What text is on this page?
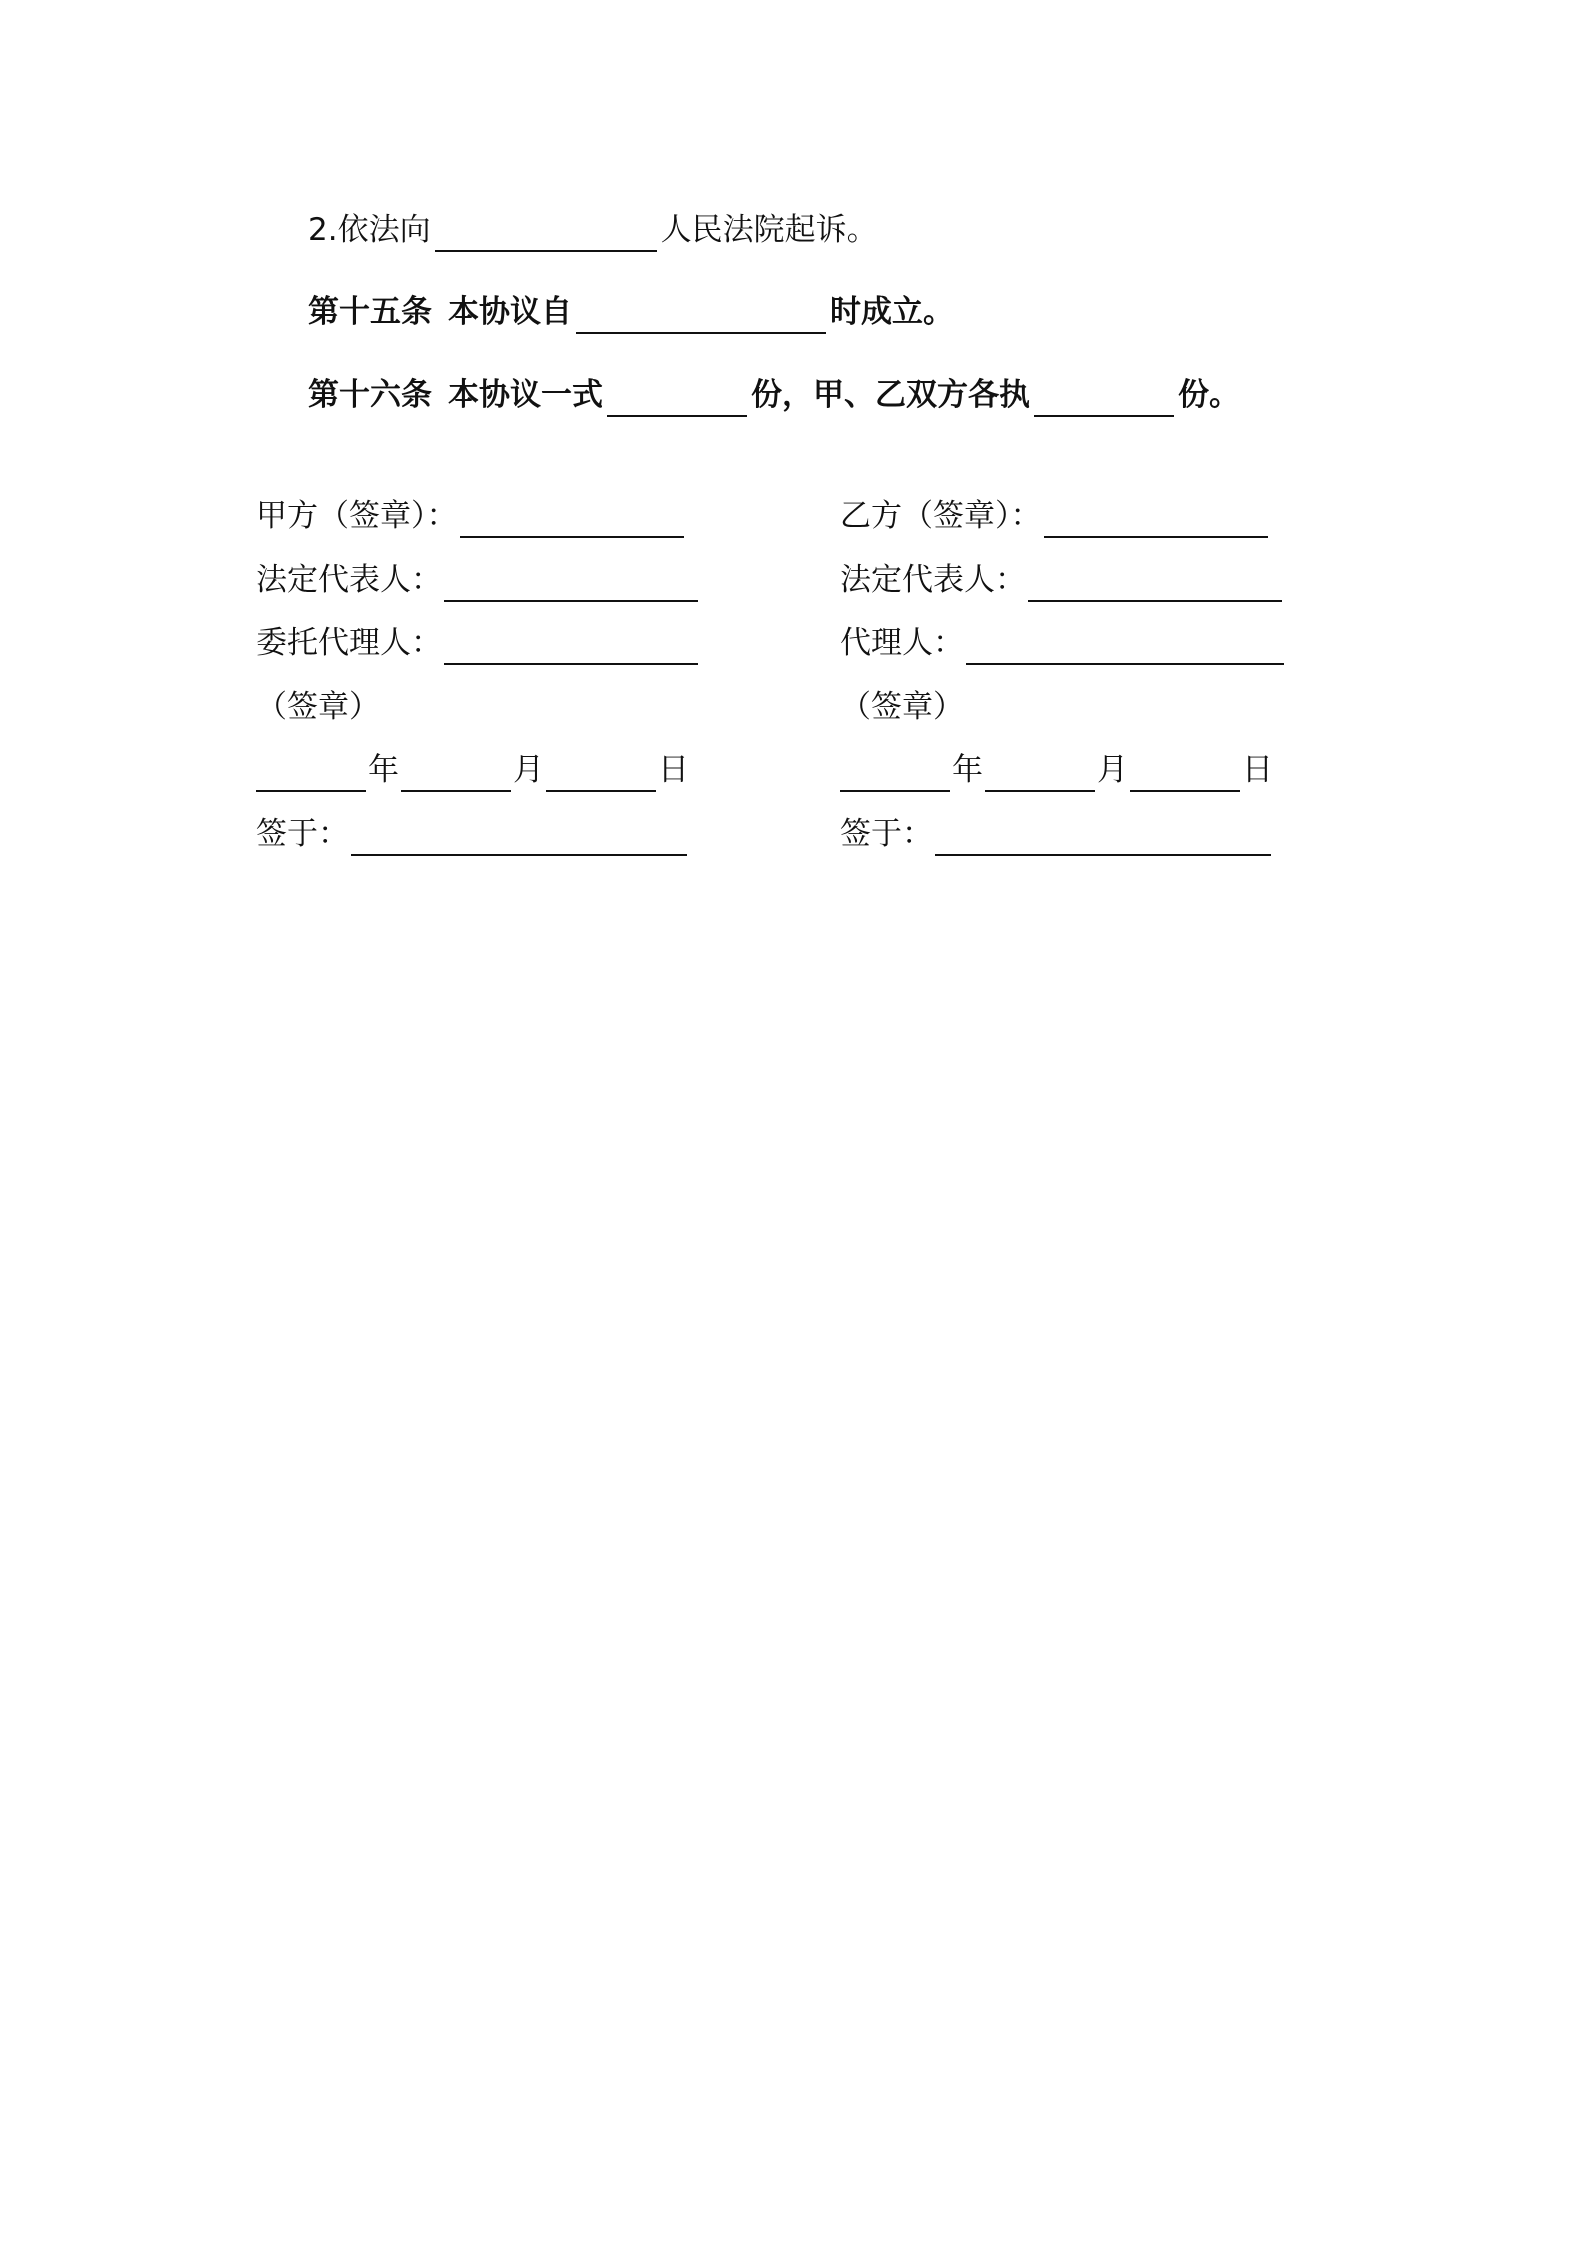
2.依法向	人民法院起诉。
第十五条 本协议自	时成立。
第十六条 本协议一式	份，甲、乙双方各执	份。
甲方（签章）：
法定代表人：
委托代理人：
（签章）
年	月	日
签于：
乙方（签章）：
法定代表人：
代理人：
（签章）
年	月	日
签于：
